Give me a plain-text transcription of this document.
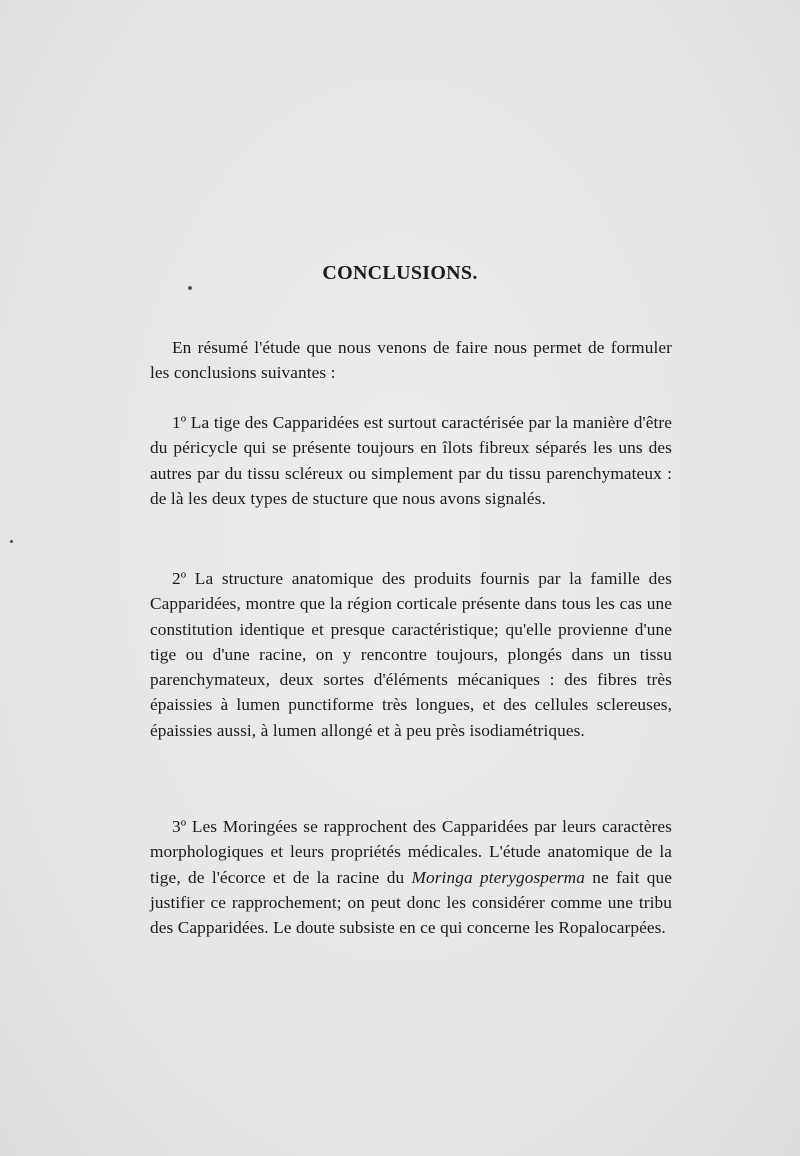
CONCLUSIONS.

En résumé l'étude que nous venons de faire nous permet de formuler les conclusions suivantes :

1º La tige des Capparidées est surtout caractérisée par la manière d'être du péricycle qui se présente toujours en îlots fibreux séparés les uns des autres par du tissu scléreux ou simplement par du tissu parenchymateux : de là les deux types de stucture que nous avons signalés.

2º La structure anatomique des produits fournis par la famille des Capparidées, montre que la région corticale présente dans tous les cas une constitution identique et presque caractéristique; qu'elle provienne d'une tige ou d'une racine, on y rencontre toujours, plongés dans un tissu parenchymateux, deux sortes d'éléments mécaniques : des fibres très épaissies à lumen punctiforme très longues, et des cellules sclereuses, épaissies aussi, à lumen allongé et à peu près isodiamétriques.

3º Les Moringées se rapprochent des Capparidées par leurs caractères morphologiques et leurs propriétés médicales. L'étude anatomique de la tige, de l'écorce et de la racine du Moringa pterygosperma ne fait que justifier ce rapprochement; on peut donc les considérer comme une tribu des Capparidées. Le doute subsiste en ce qui concerne les Ropalocarpées.
